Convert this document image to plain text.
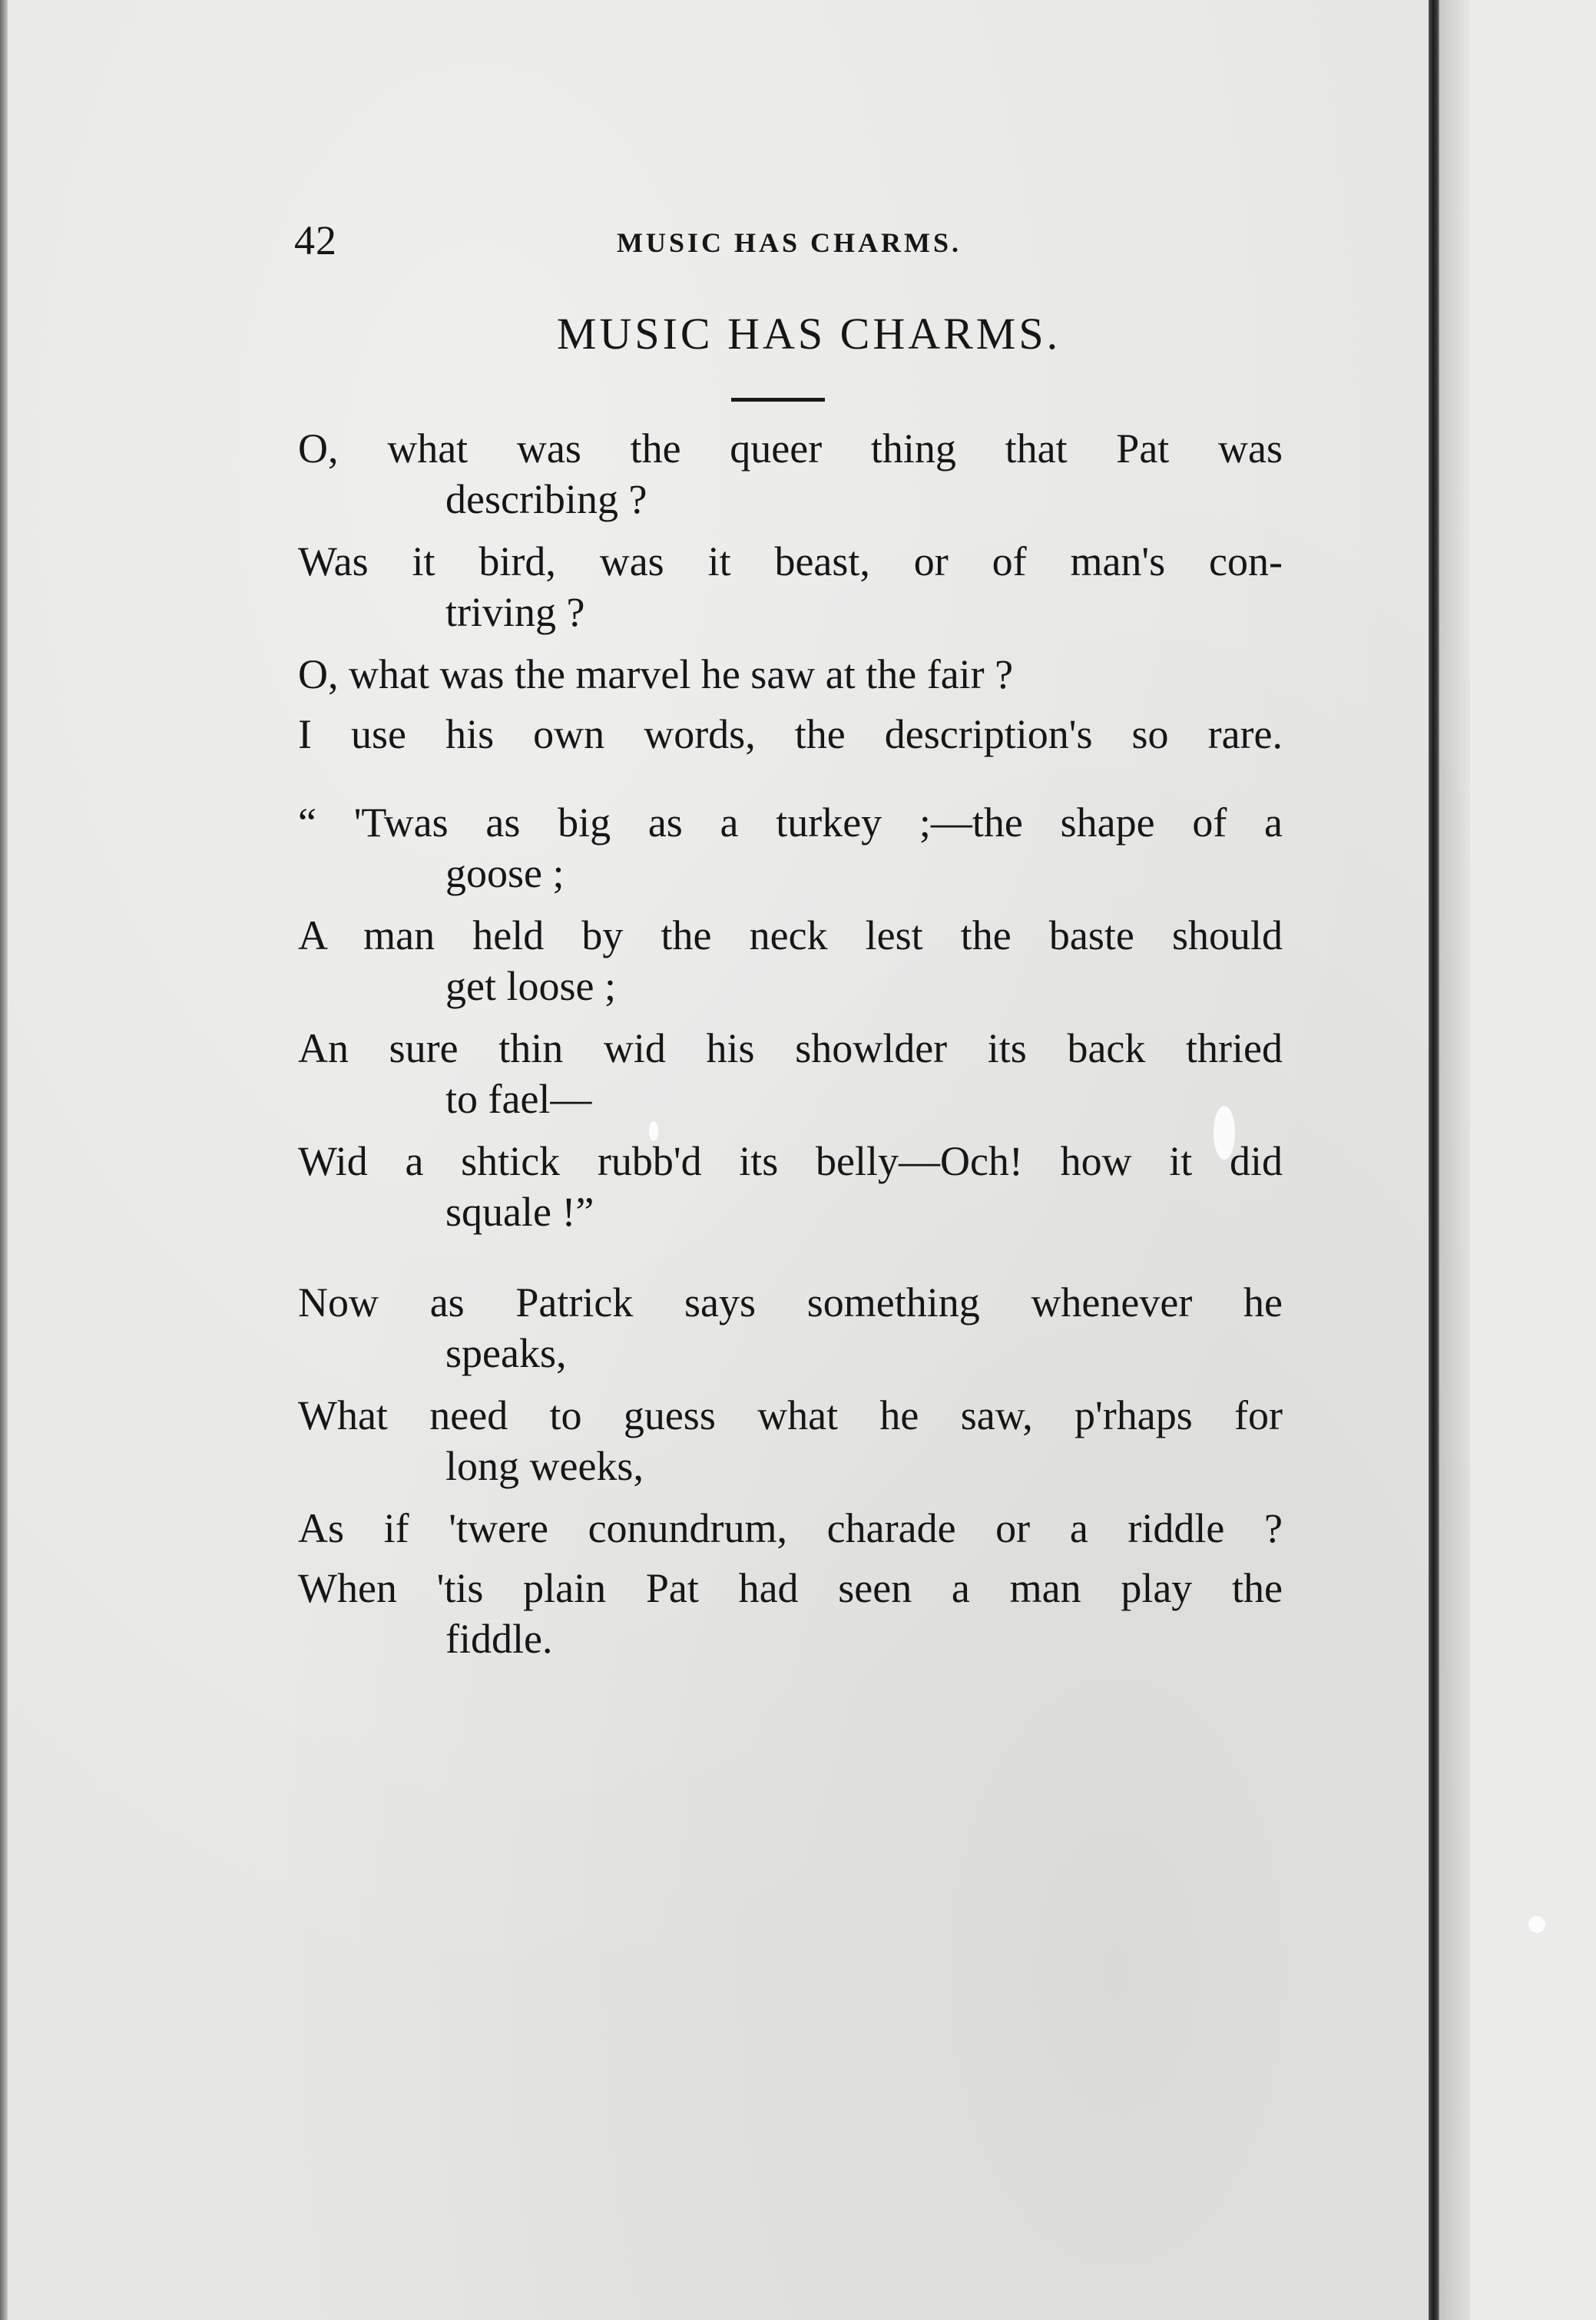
42	MUSIC HAS CHARMS.
MUSIC HAS CHARMS.
O, what was the queer thing that Pat was
describing ?
Was it bird, was it beast, or of man's con-
triving ?
O, what was the marvel he saw at the fair ?
I use his own words, the description's so rare.
“ 'Twas as big as a turkey ;—the shape of a
goose ;
A man held by the neck lest the baste should
get loose ;
An sure thin wid his showlder its back thried
to fael—
Wid a shtick rubb'd its belly—Och! how it did
squale !”
Now as Patrick says something whenever he
speaks,
What need to guess what he saw, p'rhaps for
long weeks,
As if 'twere conundrum, charade or a riddle ?
When 'tis plain Pat had seen a man play the
fiddle.
